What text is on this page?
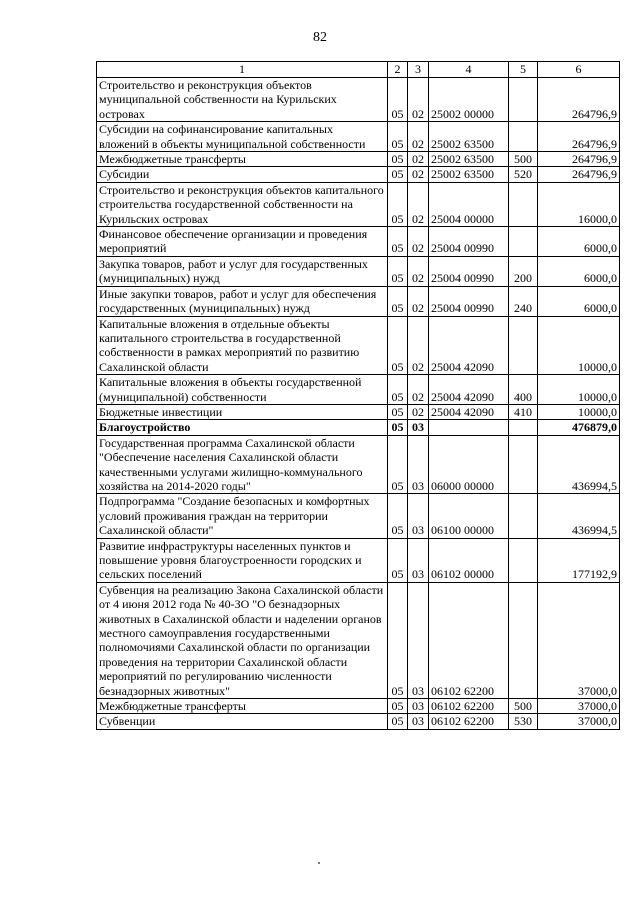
82
1	2	3	4	5	6
Строительство и реконструкция объектов муниципальной собственности на Курильских островах	05	02	25002 00000		264796,9
Субсидии на софинансирование капитальных вложений в объекты муниципальной собственности	05	02	25002 63500		264796,9
Межбюджетные трансферты	05	02	25002 63500	500	264796,9
Субсидии	05	02	25002 63500	520	264796,9
Строительство и реконструкция объектов капитального строительства государственной собственности на Курильских островах	05	02	25004 00000		16000,0
Финансовое обеспечение организации и проведения мероприятий	05	02	25004 00990		6000,0
Закупка товаров, работ и услуг для государственных (муниципальных) нужд	05	02	25004 00990	200	6000,0
Иные закупки товаров, работ и услуг для обеспечения государственных (муниципальных) нужд	05	02	25004 00990	240	6000,0
Капитальные вложения в отдельные объекты капитального строительства в государственной собственности в рамках мероприятий по развитию Сахалинской области	05	02	25004 42090		10000,0
Капитальные вложения в объекты государственной (муниципальной) собственности	05	02	25004 42090	400	10000,0
Бюджетные инвестиции	05	02	25004 42090	410	10000,0
Благоустройство	05	03			476879,0
Государственная программа Сахалинской области "Обеспечение населения Сахалинской области качественными услугами жилищно-коммунального хозяйства на 2014-2020 годы"	05	03	06000 00000		436994,5
Подпрограмма "Создание безопасных и комфортных условий проживания граждан на территории Сахалинской области"	05	03	06100 00000		436994,5
Развитие инфраструктуры населенных пунктов и повышение уровня благоустроенности городских и сельских поселений	05	03	06102 00000		177192,9
Субвенция на реализацию Закона Сахалинской области от 4 июня 2012 года № 40-ЗО "О безнадзорных животных в Сахалинской области и наделении органов местного самоуправления государственными полномочиями Сахалинской области по организации проведения на территории Сахалинской области мероприятий по регулированию численности безнадзорных животных"	05	03	06102 62200		37000,0
Межбюджетные трансферты	05	03	06102 62200	500	37000,0
Субвенции	05	03	06102 62200	530	37000,0
